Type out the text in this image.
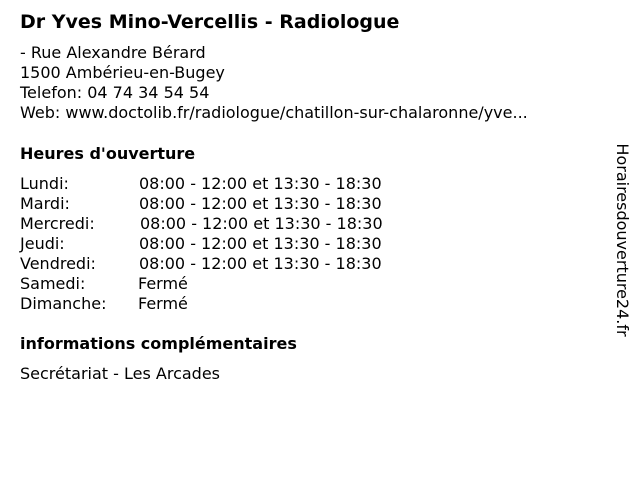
Dr Yves Mino-Vercellis - Radiologue
- Rue Alexandre Bérard
1500 Ambérieu-en-Bugey
Telefon: 04 74 34 54 54
Web: www.doctolib.fr/radiologue/chatillon-sur-chalaronne/yve...
Heures d'ouverture
Lundi:	08:00 - 12:00 et 13:30 - 18:30
Mardi:	08:00 - 12:00 et 13:30 - 18:30
Mercredi:	08:00 - 12:00 et 13:30 - 18:30
Jeudi:	08:00 - 12:00 et 13:30 - 18:30
Vendredi:	08:00 - 12:00 et 13:30 - 18:30
Samedi:	Fermé
Dimanche: Fermé
informations complémentaires
Secrétariat - Les Arcades
Horairesdouverture24.fr
